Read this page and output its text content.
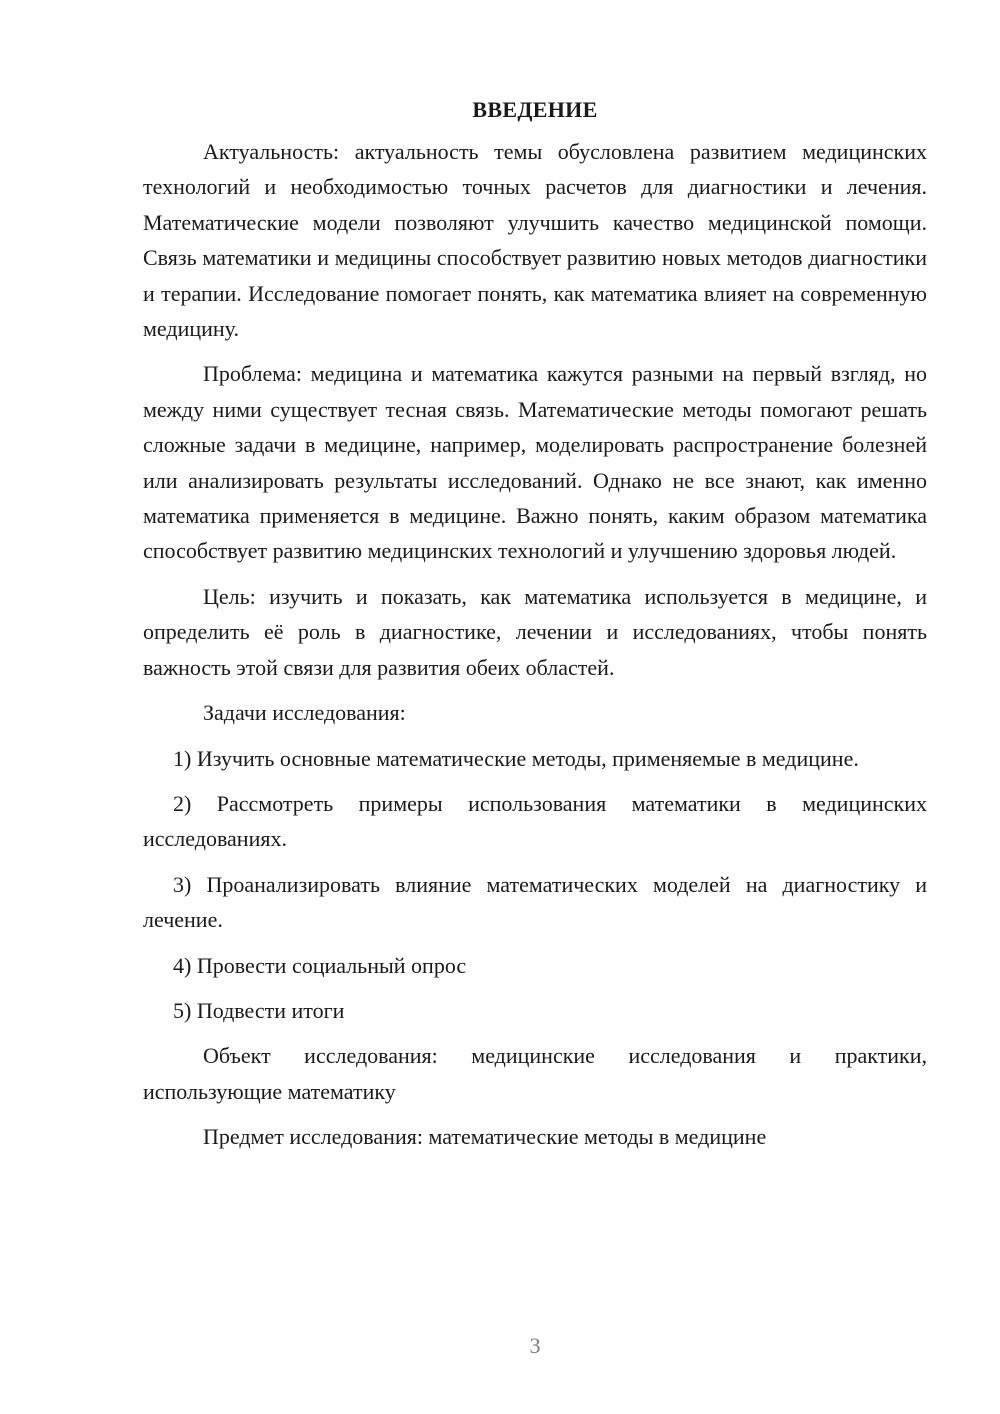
ВВЕДЕНИЕ

Актуальность: актуальность темы обусловлена развитием медицинских технологий и необходимостью точных расчетов для диагностики и лечения. Математические модели позволяют улучшить качество медицинской помощи. Связь математики и медицины способствует развитию новых методов диагностики и терапии. Исследование помогает понять, как математика влияет на современную медицину.

Проблема: медицина и математика кажутся разными на первый взгляд, но между ними существует тесная связь. Математические методы помогают решать сложные задачи в медицине, например, моделировать распространение болезней или анализировать результаты исследований. Однако не все знают, как именно математика применяется в медицине. Важно понять, каким образом математика способствует развитию медицинских технологий и улучшению здоровья людей.

Цель: изучить и показать, как математика используется в медицине, и определить её роль в диагностике, лечении и исследованиях, чтобы понять важность этой связи для развития обеих областей.

Задачи исследования:

1) Изучить основные математические методы, применяемые в медицине.

2) Рассмотреть примеры использования математики в медицинских исследованиях.

3) Проанализировать влияние математических моделей на диагностику и лечение.

4) Провести социальный опрос

5) Подвести итоги

Объект исследования: медицинские исследования и практики, использующие математику

Предмет исследования: математические методы в медицине

3
